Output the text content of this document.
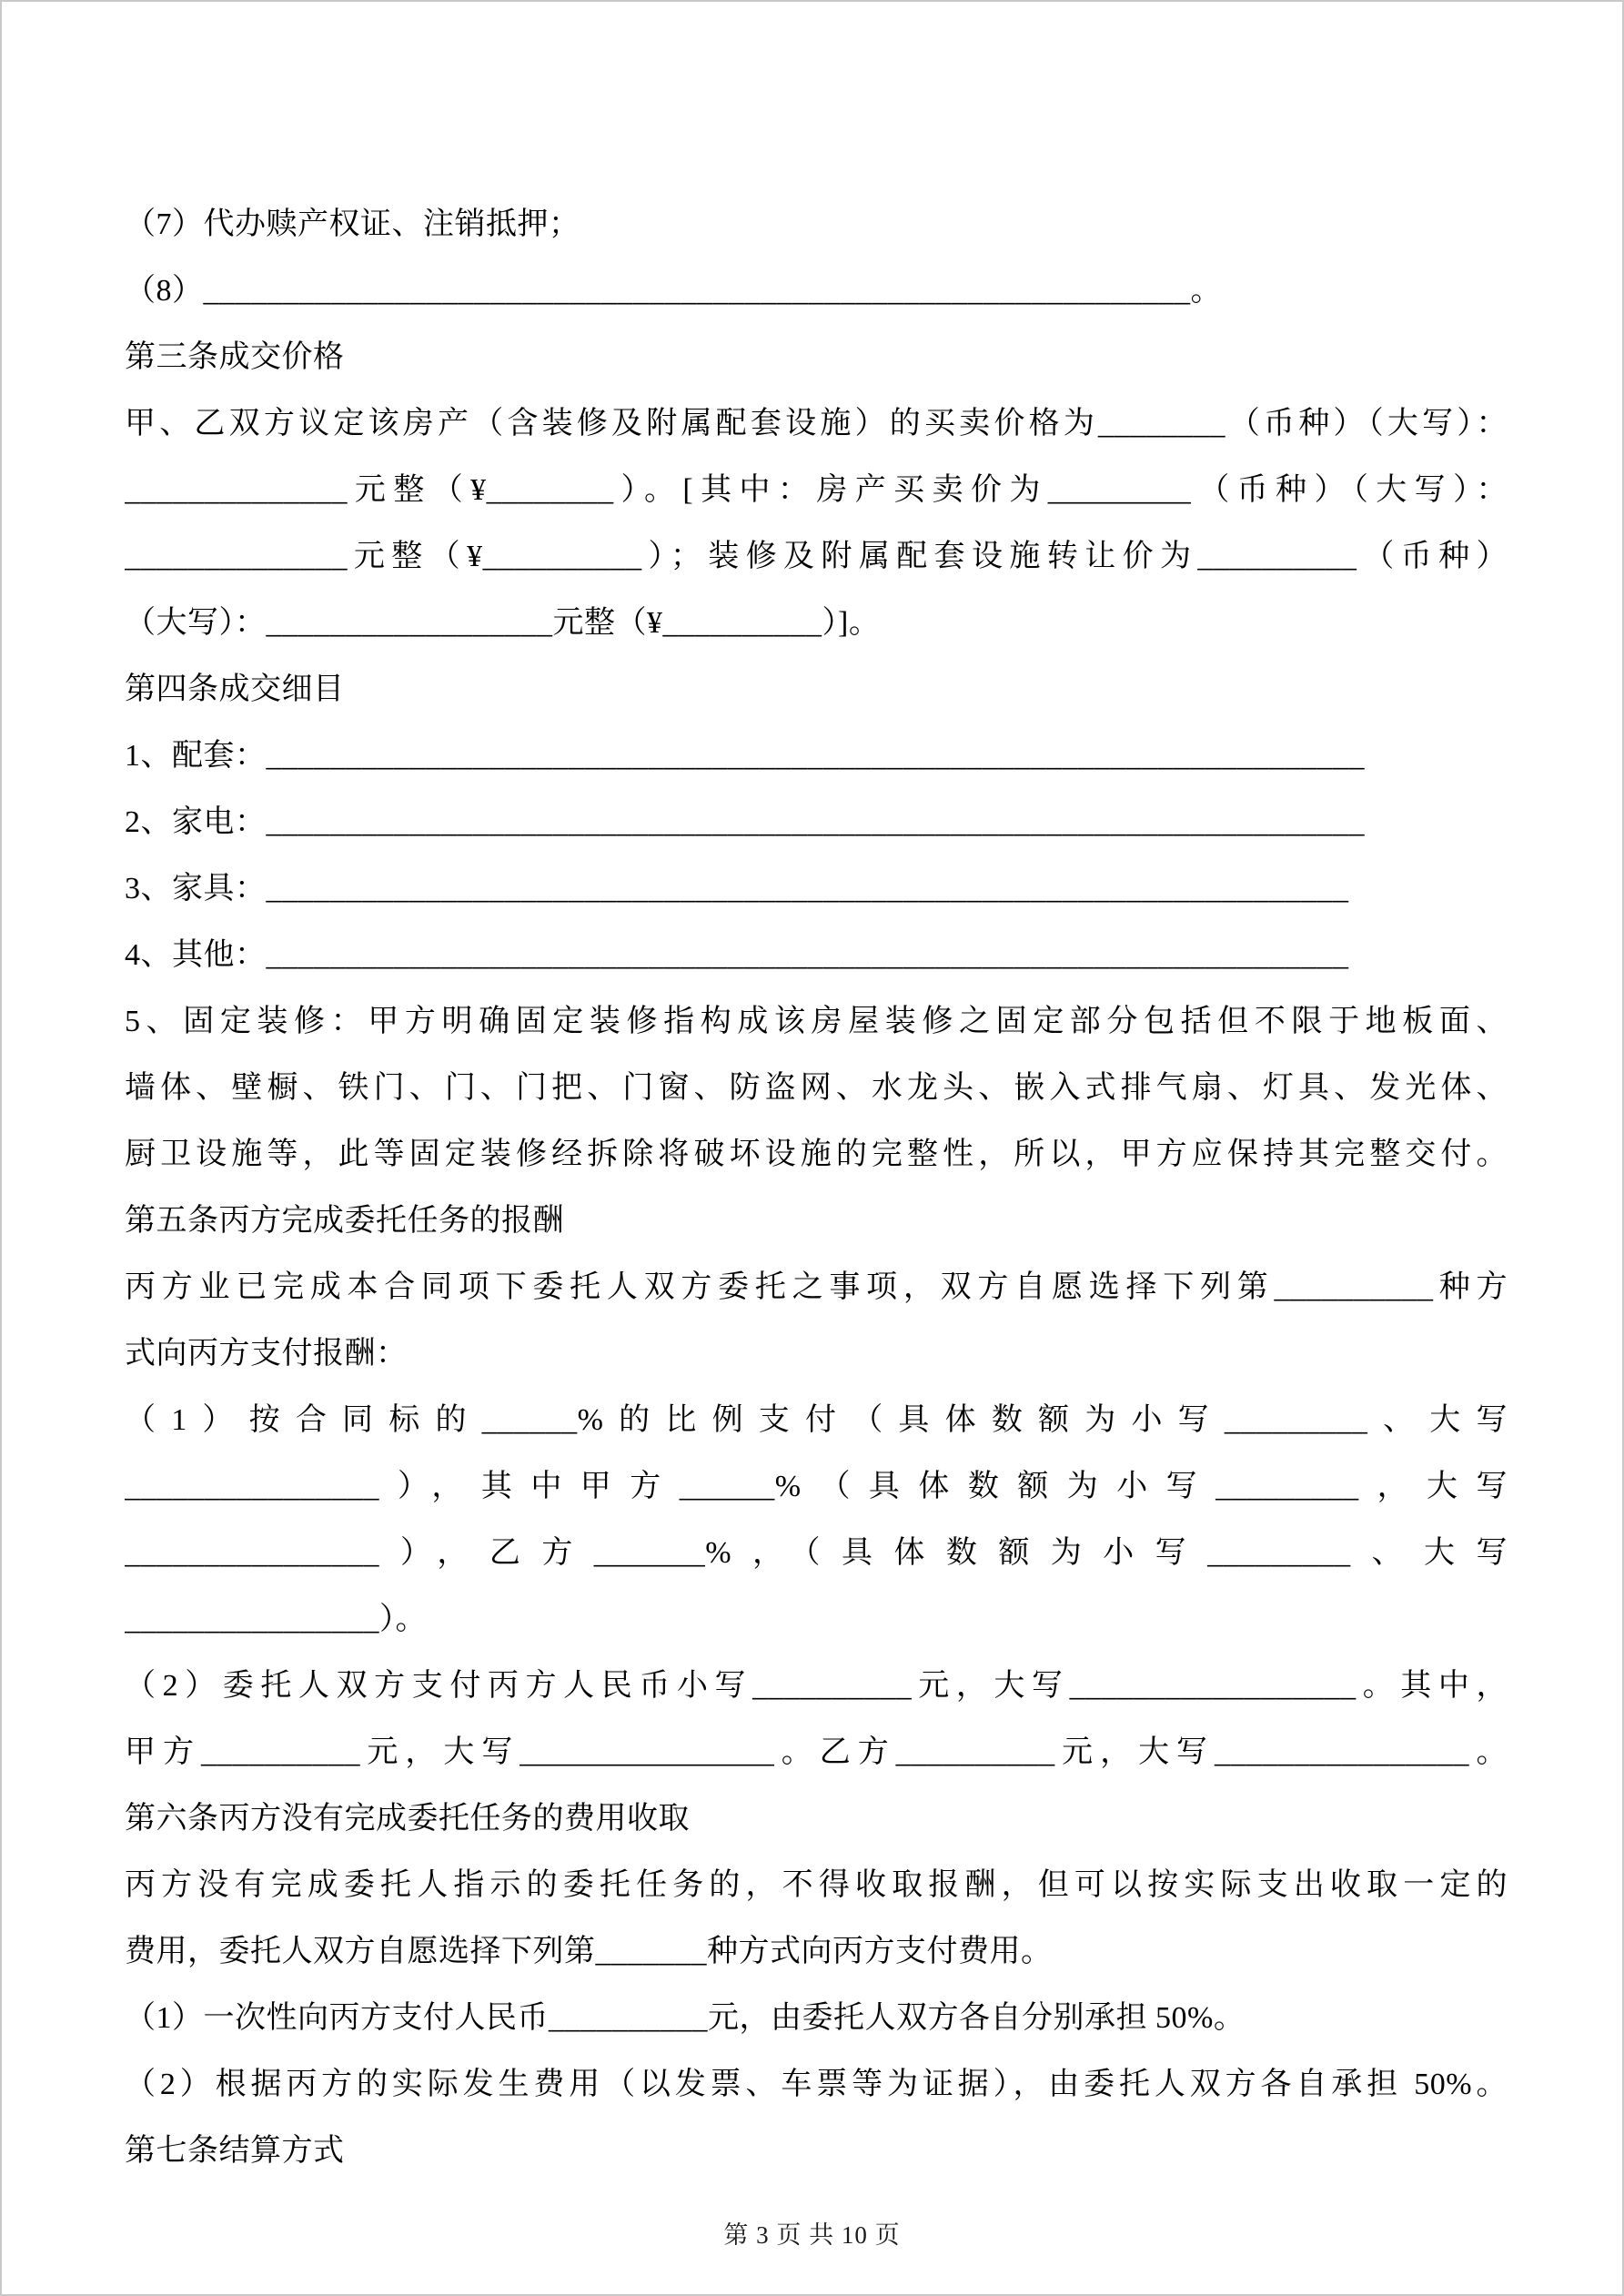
（7）代办赎产权证、注销抵押；
（8）______________________________________________________________。
第三条成交价格
甲、乙双方议定该房产（含装修及附属配套设施）的买卖价格为________（币种）（大写）：
______________元整（¥________）。[其中：房产买卖价为_________（币种）（大写）：
______________元整（¥__________）；装修及附属配套设施转让价为__________（币种）
（大写）：__________________元整（¥__________）]。
第四条成交细目
1、配套：_____________________________________________________________________
2、家电：_____________________________________________________________________
3、家具：____________________________________________________________________
4、其他：____________________________________________________________________
5、固定装修：甲方明确固定装修指构成该房屋装修之固定部分包括但不限于地板面、
墙体、壁橱、铁门、门、门把、门窗、防盗网、水龙头、嵌入式排气扇、灯具、发光体、
厨卫设施等，此等固定装修经拆除将破坏设施的完整性，所以，甲方应保持其完整交付。
第五条丙方完成委托任务的报酬
丙方业已完成本合同项下委托人双方委托之事项，双方自愿选择下列第__________种方
式向丙方支付报酬：
（1）按合同标的______%的比例支付（具体数额为小写_________、大写
________________），其中甲方______%（具体数额为小写_________，大写
________________），乙方_______%，（具体数额为小写_________、大写
________________）。
（2）委托人双方支付丙方人民币小写__________元，大写__________________。其中，
甲方__________元，大写________________。乙方__________元，大写________________。
第六条丙方没有完成委托任务的费用收取
丙方没有完成委托人指示的委托任务的，不得收取报酬，但可以按实际支出收取一定的
费用，委托人双方自愿选择下列第_______种方式向丙方支付费用。
（1）一次性向丙方支付人民币__________元，由委托人双方各自分别承担 50%。
（2）根据丙方的实际发生费用（以发票、车票等为证据），由委托人双方各自承担 50%。
第七条结算方式
第 3 页 共 10 页
